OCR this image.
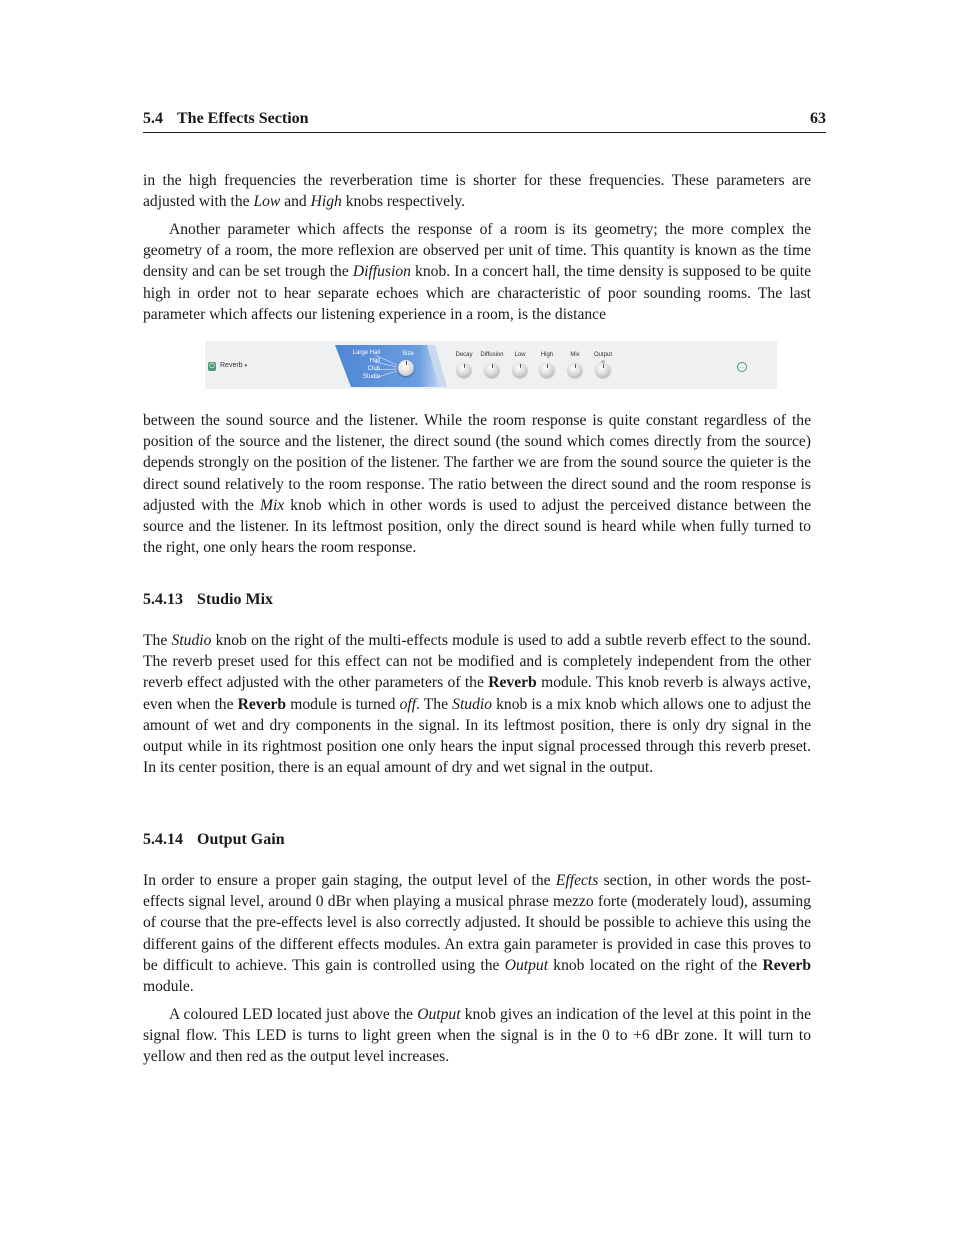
5.4 The Effects Section	63

in the high frequencies the reverberation time is shorter for these frequencies. These parameters are adjusted with the Low and High knobs respectively.

Another parameter which affects the response of a room is its geometry; the more complex the geometry of a room, the more reflexion are observed per unit of time. This quantity is known as the time density and can be set trough the Diffusion knob. In a concert hall, the time density is supposed to be quite high in order not to hear separate echoes which are characteristic of poor sounding rooms. The last parameter which affects our listening experience in a room, is the distance

⏻ Reverb ▾
Large Hall
Hall
Club
Studio
Size	Decay	Diffusion	Low	High	Mix	Output
…

between the sound source and the listener. While the room response is quite constant regardless of the position of the source and the listener, the direct sound (the sound which comes directly from the source) depends strongly on the position of the listener. The farther we are from the sound source the quieter is the direct sound relatively to the room response. The ratio between the direct sound and the room response is adjusted with the Mix knob which in other words is used to adjust the perceived distance between the source and the listener. In its leftmost position, only the direct sound is heard while when fully turned to the right, one only hears the room response.

5.4.13 Studio Mix

The Studio knob on the right of the multi-effects module is used to add a subtle reverb effect to the sound. The reverb preset used for this effect can not be modified and is completely independent from the other reverb effect adjusted with the other parameters of the Reverb module. This knob reverb is always active, even when the Reverb module is turned off. The Studio knob is a mix knob which allows one to adjust the amount of wet and dry components in the signal. In its leftmost position, there is only dry signal in the output while in its rightmost position one only hears the input signal processed through this reverb preset. In its center position, there is an equal amount of dry and wet signal in the output.

5.4.14 Output Gain

In order to ensure a proper gain staging, the output level of the Effects section, in other words the post-effects signal level, around 0 dBr when playing a musical phrase mezzo forte (moderately loud), assuming of course that the pre-effects level is also correctly adjusted. It should be possible to achieve this using the different gains of the different effects modules. An extra gain parameter is provided in case this proves to be difficult to achieve. This gain is controlled using the Output knob located on the right of the Reverb module.

A coloured LED located just above the Output knob gives an indication of the level at this point in the signal flow. This LED is turns to light green when the signal is in the 0 to +6 dBr zone. It will turn to yellow and then red as the output level increases.
